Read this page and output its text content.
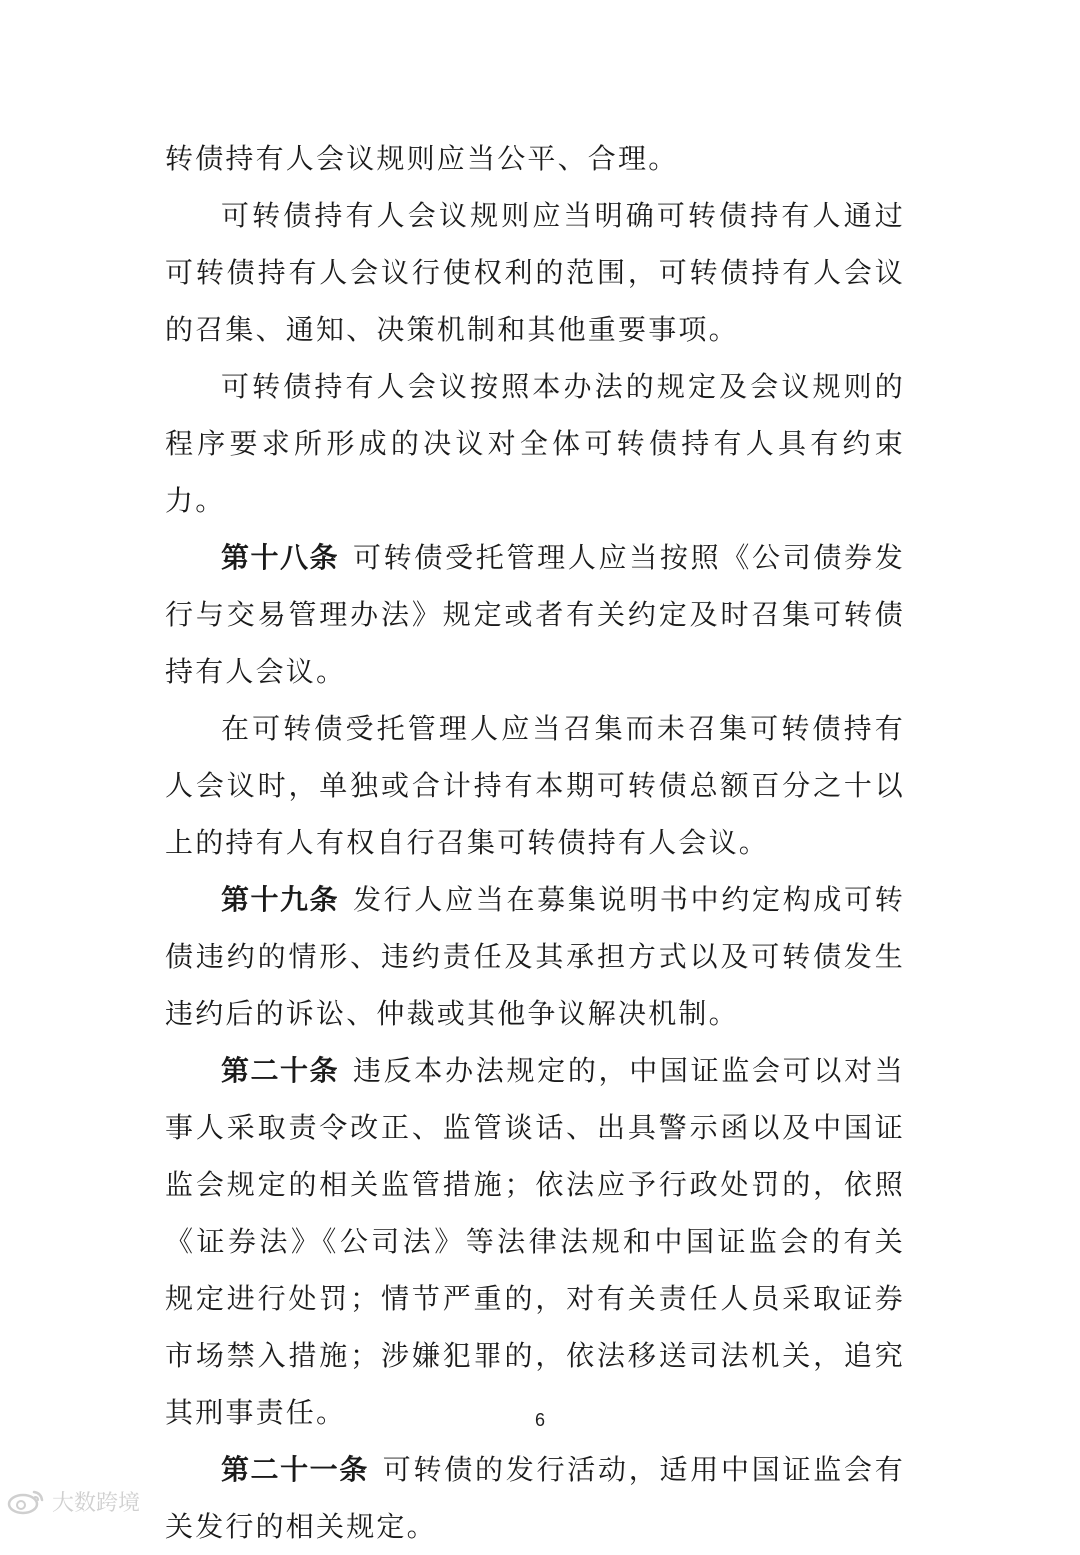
转债持有人会议规则应当公平、合理。

可转债持有人会议规则应当明确可转债持有人通过可转债持有人会议行使权利的范围，可转债持有人会议的召集、通知、决策机制和其他重要事项。

可转债持有人会议按照本办法的规定及会议规则的程序要求所形成的决议对全体可转债持有人具有约束力。

第十八条 可转债受托管理人应当按照《公司债券发行与交易管理办法》规定或者有关约定及时召集可转债持有人会议。

在可转债受托管理人应当召集而未召集可转债持有人会议时，单独或合计持有本期可转债总额百分之十以上的持有人有权自行召集可转债持有人会议。

第十九条 发行人应当在募集说明书中约定构成可转债违约的情形、违约责任及其承担方式以及可转债发生违约后的诉讼、仲裁或其他争议解决机制。

第二十条 违反本办法规定的，中国证监会可以对当事人采取责令改正、监管谈话、出具警示函以及中国证监会规定的相关监管措施；依法应予行政处罚的，依照《证券法》《公司法》等法律法规和中国证监会的有关规定进行处罚；情节严重的，对有关责任人员采取证券市场禁入措施；涉嫌犯罪的，依法移送司法机关，追究其刑事责任。

第二十一条 可转债的发行活动，适用中国证监会有关发行的相关规定。

6
大数跨境
